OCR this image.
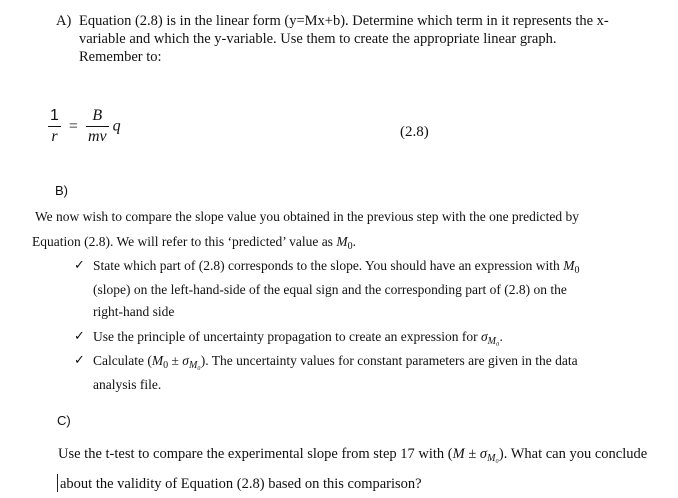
A) Equation (2.8) is in the linear form (y=Mx+b). Determine which term in it represents the x-
variable and which the y-variable. Use them to create the appropriate linear graph.
Remember to:
$\frac{1}{r} = \frac{B}{mv}$ q	(2.8)
B)
We now wish to compare the slope value you obtained in the previous step with the one predicted by
Equation (2.8). We will refer to this ‘predicted’ value as $M_0$.
✓ State which part of (2.8) corresponds to the slope. You should have an expression with $M_0$
(slope) on the left-hand-side of the equal sign and the corresponding part of (2.8) on the
right-hand side
✓ Use the principle of uncertainty propagation to create an expression for $\sigma_{M_0}$.
✓ Calculate $(M_0 \pm \sigma_{M_0})$. The uncertainty values for constant parameters are given in the data
analysis file.
C)
Use the t-test to compare the experimental slope from step 17 with $(M \pm \sigma_{M_0})$. What can you conclude
about the validity of Equation (2.8) based on this comparison?
